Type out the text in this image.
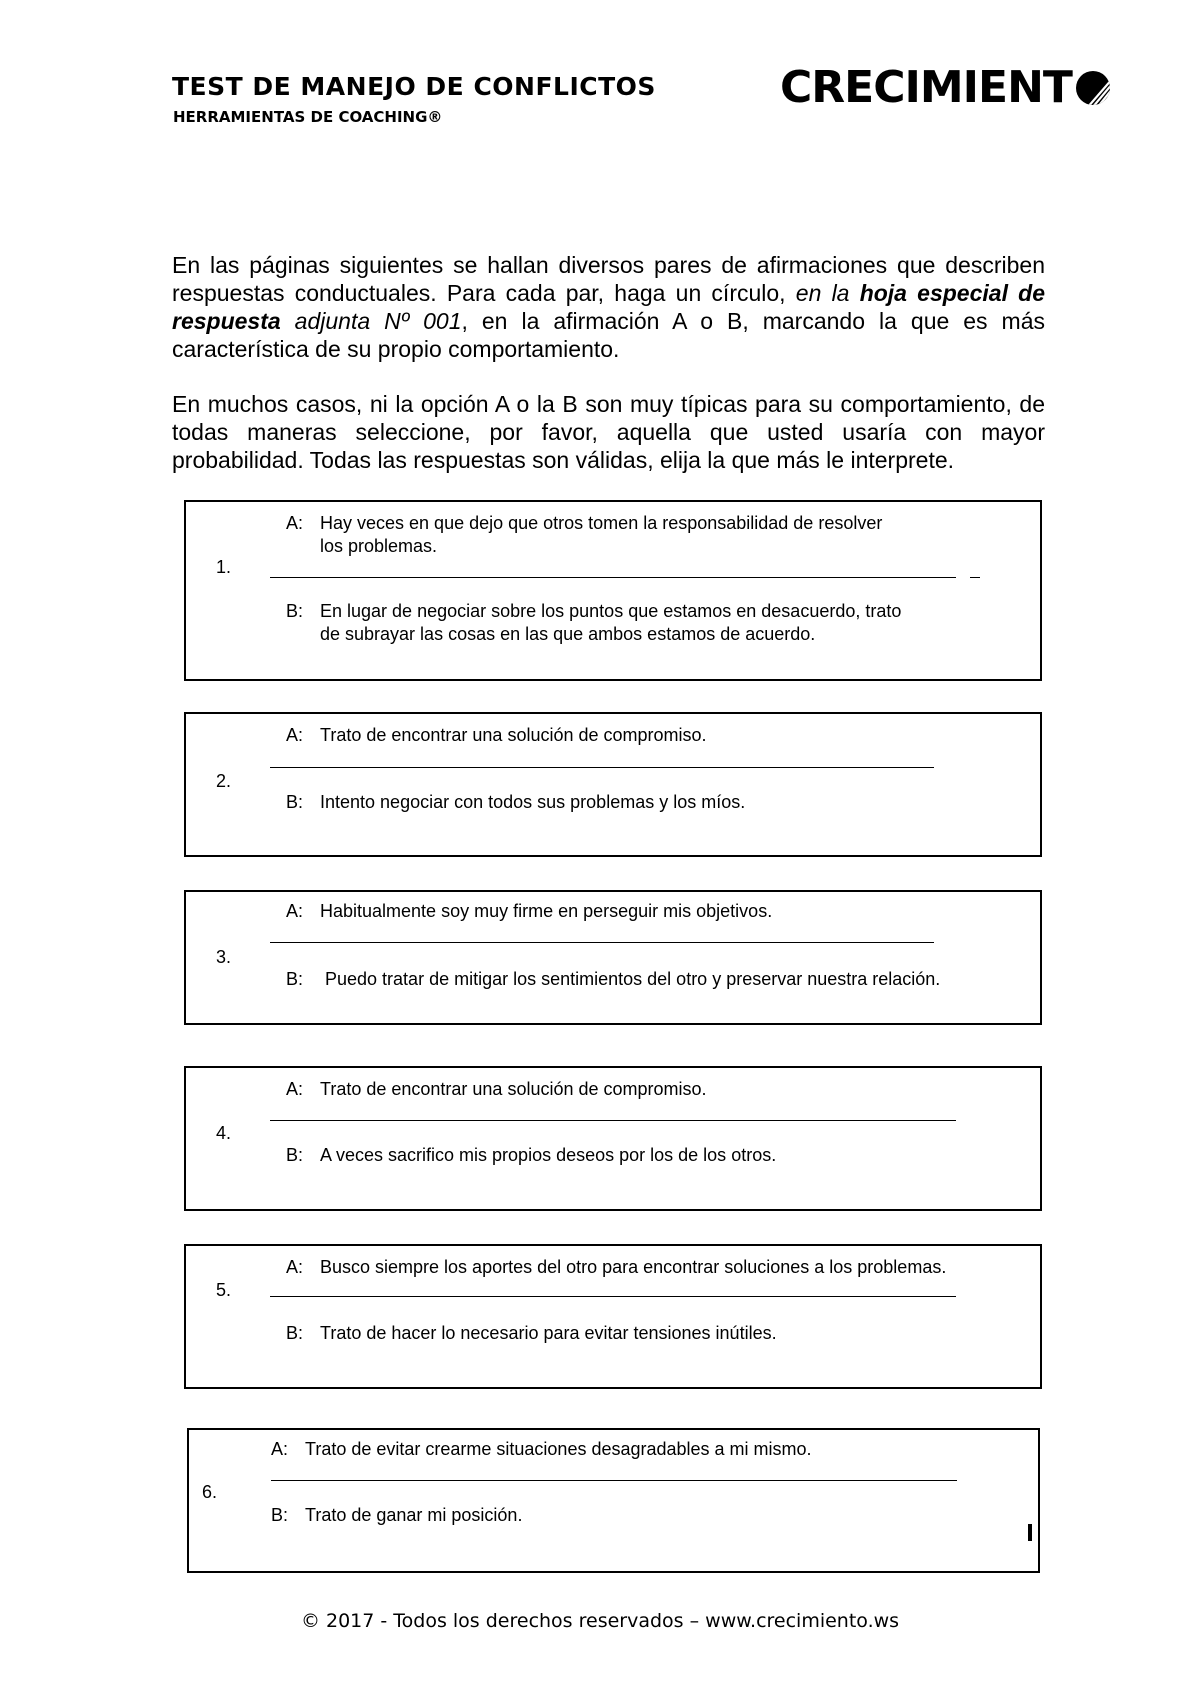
TEST DE MANEJO DE CONFLICTOS
HERRAMIENTAS DE COACHING®
CRECIMIENT
En las páginas siguientes se hallan diversos pares de afirmaciones que describen respuestas conductuales. Para cada par, haga un círculo, en la hoja especial de respuesta adjunta Nº 001, en la afirmación A o B, marcando la que es más característica de su propio comportamiento.
En muchos casos, ni la opción A o la B son muy típicas para su comportamiento, de todas maneras seleccione, por favor, aquella que usted usaría con mayor probabilidad. Todas las respuestas son válidas, elija la que más le interprete.
1.
A: Hay veces en que dejo que otros tomen la responsabilidad de resolver
los problemas.
B: En lugar de negociar sobre los puntos que estamos en desacuerdo, trato
de subrayar las cosas en las que ambos estamos de acuerdo.
2.
A: Trato de encontrar una solución de compromiso.
B: Intento negociar con todos sus problemas y los míos.
3.
A: Habitualmente soy muy firme en perseguir mis objetivos.
B: Puedo tratar de mitigar los sentimientos del otro y preservar nuestra relación.
4.
A: Trato de encontrar una solución de compromiso.
B: A veces sacrifico mis propios deseos por los de los otros.
5.
A: Busco siempre los aportes del otro para encontrar soluciones a los problemas.
B: Trato de hacer lo necesario para evitar tensiones inútiles.
6.
A: Trato de evitar crearme situaciones desagradables a mi mismo.
B: Trato de ganar mi posición.
© 2017 - Todos los derechos reservados – www.crecimiento.ws
